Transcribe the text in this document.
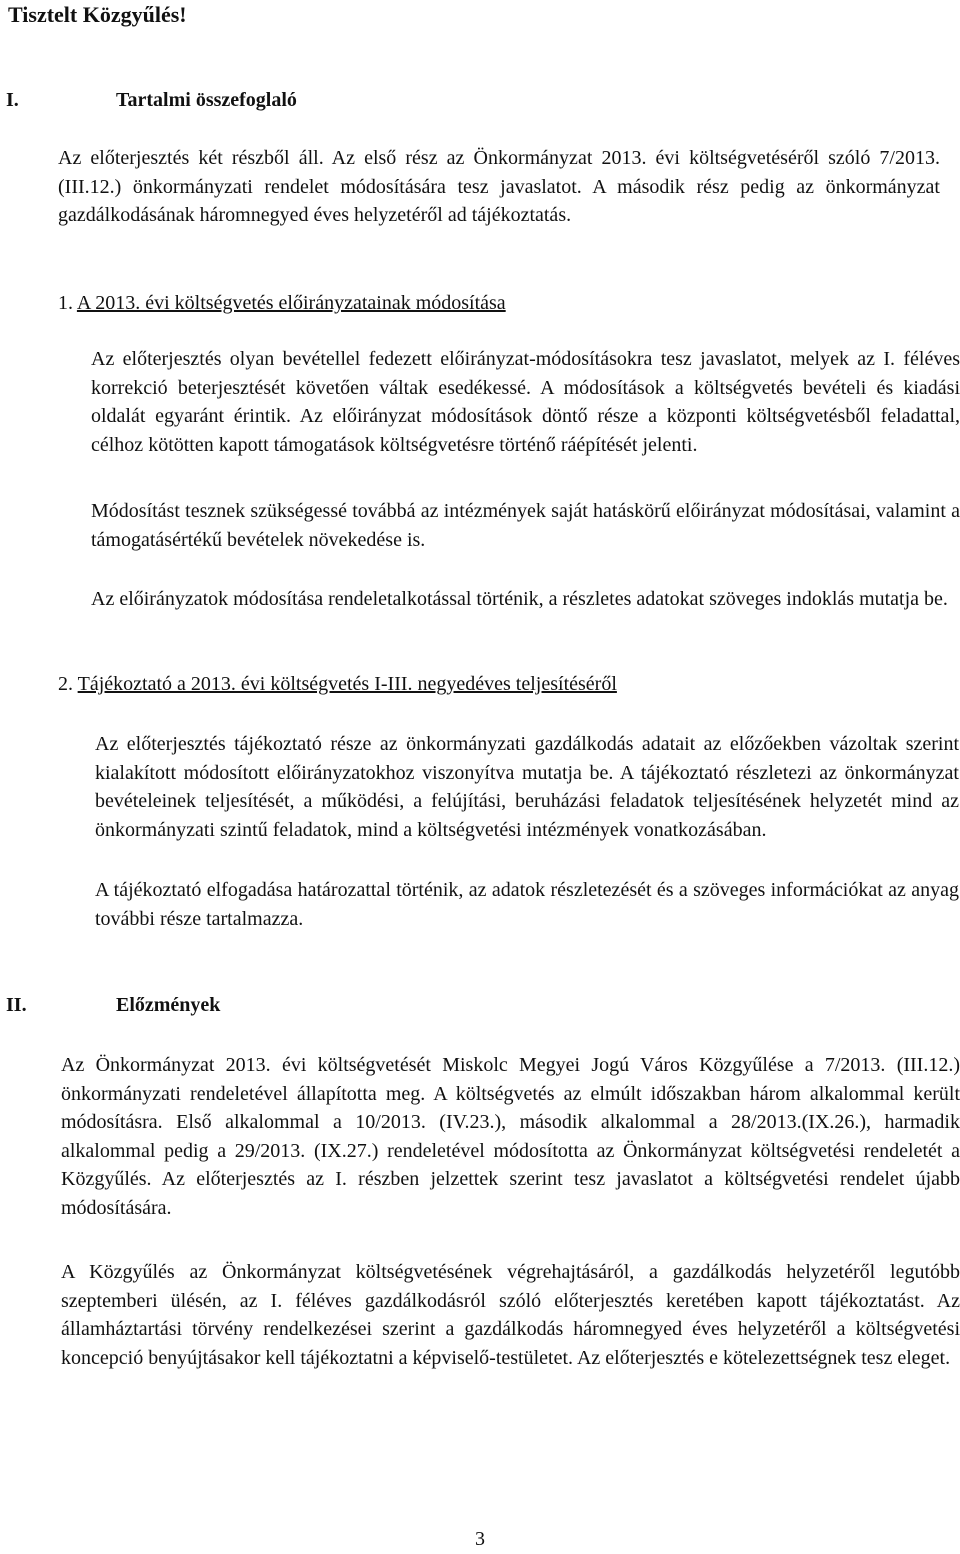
Tisztelt Közgyűlés!
I.	Tartalmi összefoglaló

Az előterjesztés két részből áll. Az első rész az Önkormányzat 2013. évi költségvetéséről szóló 7/2013. (III.12.) önkormányzati rendelet módosítására tesz javaslatot. A második rész pedig az önkormányzat gazdálkodásának háromnegyed éves helyzetéről ad tájékoztatás.

1. A 2013. évi költségvetés előirányzatainak módosítása

Az előterjesztés olyan bevétellel fedezett előirányzat-módosításokra tesz javaslatot, melyek az I. féléves korrekció beterjesztését követően váltak esedékessé. A módosítások a költségvetés bevételi és kiadási oldalát egyaránt érintik. Az előirányzat módosítások döntő része a központi költségvetésből feladattal, célhoz kötötten kapott támogatások költségvetésre történő ráépítését jelenti.

Módosítást tesznek szükségessé továbbá az intézmények saját hatáskörű előirányzat módosításai, valamint a támogatásértékű bevételek növekedése is.

Az előirányzatok módosítása rendeletalkotással történik, a részletes adatokat szöveges indoklás mutatja be.

2. Tájékoztató a 2013. évi költségvetés I-III. negyedéves teljesítéséről

Az előterjesztés tájékoztató része az önkormányzati gazdálkodás adatait az előzőekben vázoltak szerint kialakított módosított előirányzatokhoz viszonyítva mutatja be. A tájékoztató részletezi az önkormányzat bevételeinek teljesítését, a működési, a felújítási, beruházási feladatok teljesítésének helyzetét mind az önkormányzati szintű feladatok, mind a költségvetési intézmények vonatkozásában.

A tájékoztató elfogadása határozattal történik, az adatok részletezését és a szöveges információkat az anyag további része tartalmazza.

II.	Előzmények

Az Önkormányzat 2013. évi költségvetését Miskolc Megyei Jogú Város Közgyűlése a 7/2013. (III.12.) önkormányzati rendeletével állapította meg. A költségvetés az elmúlt időszakban három alkalommal került módosításra. Első alkalommal a 10/2013. (IV.23.), második alkalommal a 28/2013.(IX.26.), harmadik alkalommal pedig a 29/2013. (IX.27.) rendeletével módosította az Önkormányzat költségvetési rendeletét a Közgyűlés. Az előterjesztés az I. részben jelzettek szerint tesz javaslatot a költségvetési rendelet újabb módosítására.

A Közgyűlés az Önkormányzat költségvetésének végrehajtásáról, a gazdálkodás helyzetéről legutóbb szeptemberi ülésén, az I. féléves gazdálkodásról szóló előterjesztés keretében kapott tájékoztatást. Az államháztartási törvény rendelkezései szerint a gazdálkodás háromnegyed éves helyzetéről a költségvetési koncepció benyújtásakor kell tájékoztatni a képviselő-testületet. Az előterjesztés e kötelezettségnek tesz eleget.

3
